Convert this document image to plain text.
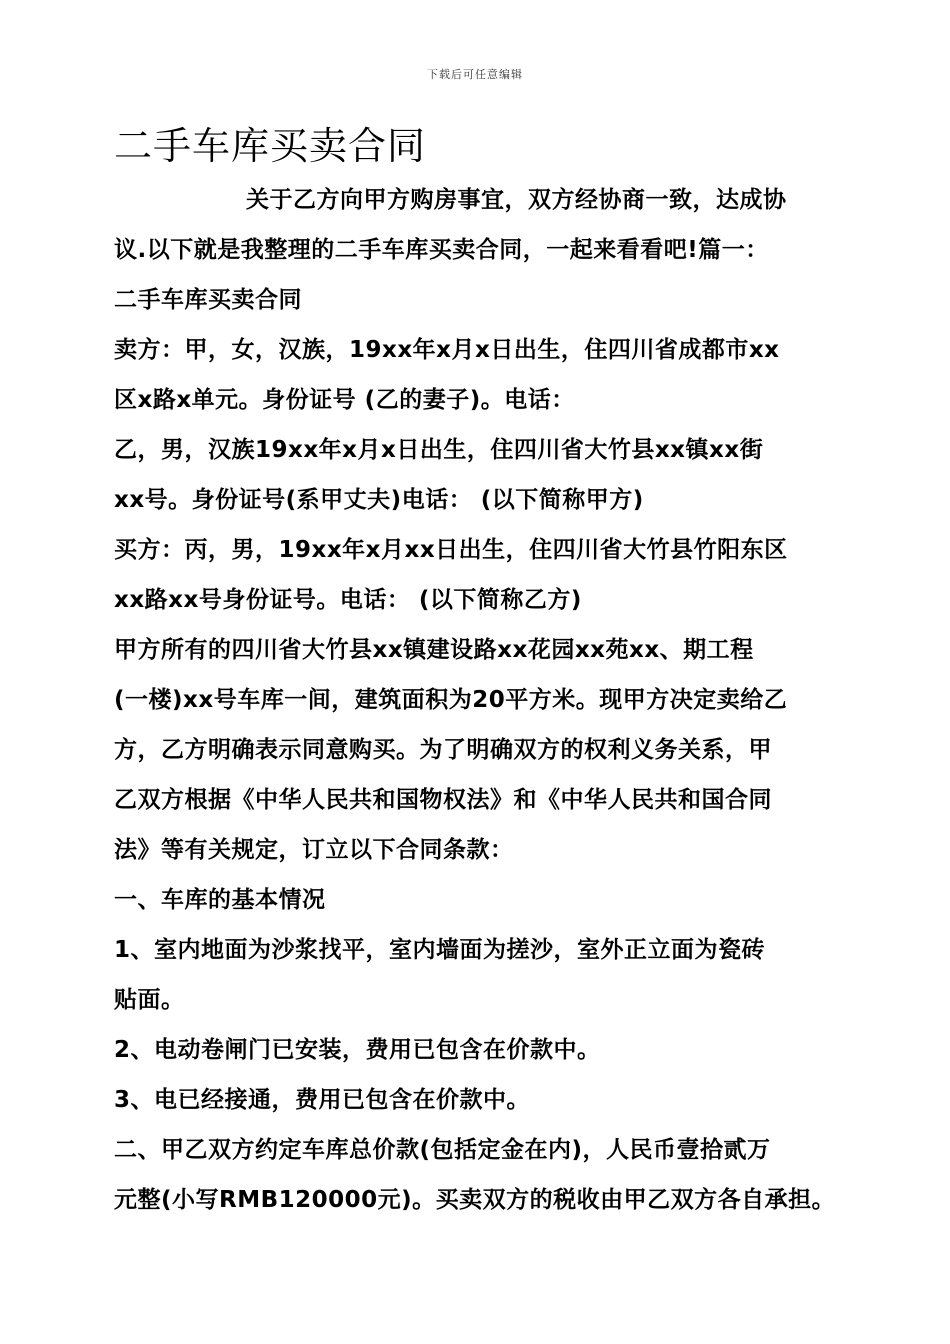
下载后可任意编辑
二手车库买卖合同
关于乙方向甲方购房事宜，双方经协商一致，达成协
议.以下就是我整理的二手车库买卖合同，一起来看看吧!篇一：
二手车库买卖合同
卖方：甲，女，汉族，19xx年x月x日出生，住四川省成都市xx
区x路x单元。身份证号 (乙的妻子)。电话：
乙，男，汉族19xx年x月x日出生，住四川省大竹县xx镇xx街
xx号。身份证号(系甲丈夫)电话： (以下简称甲方)
买方：丙，男，19xx年x月xx日出生，住四川省大竹县竹阳东区
xx路xx号身份证号。电话： (以下简称乙方)
甲方所有的四川省大竹县xx镇建设路xx花园xx苑xx、期工程
(一楼)xx号车库一间，建筑面积为20平方米。现甲方决定卖给乙
方，乙方明确表示同意购买。为了明确双方的权利义务关系，甲
乙双方根据《中华人民共和国物权法》和《中华人民共和国合同
法》等有关规定，订立以下合同条款：
一、车库的基本情况
1、室内地面为沙浆找平，室内墙面为搓沙，室外正立面为瓷砖
贴面。
2、电动卷闸门已安装，费用已包含在价款中。
3、电已经接通，费用已包含在价款中。
二、甲乙双方约定车库总价款(包括定金在内)，人民币壹拾贰万
元整(小写RMB120000元)。买卖双方的税收由甲乙双方各自承担。
